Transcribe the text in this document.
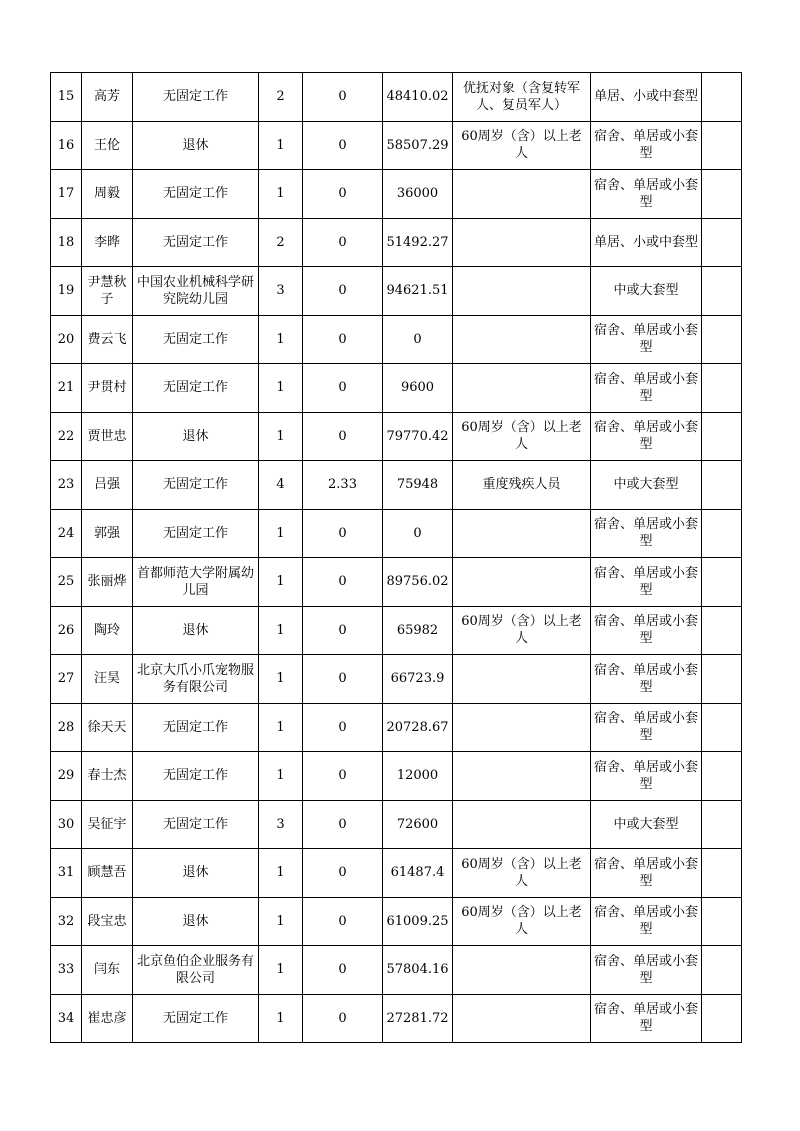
15	高芳	无固定工作	2	0	48410.02	优抚对象（含复转军人、复员军人）	单居、小或中套型	
16	王伦	退休	1	0	58507.29	60周岁（含）以上老人	宿舍、单居或小套型	
17	周毅	无固定工作	1	0	36000		宿舍、单居或小套型	
18	李晔	无固定工作	2	0	51492.27		单居、小或中套型	
19	尹慧秋子	中国农业机械科学研究院幼儿园	3	0	94621.51		中或大套型	
20	费云飞	无固定工作	1	0	0		宿舍、单居或小套型	
21	尹贯村	无固定工作	1	0	9600		宿舍、单居或小套型	
22	贾世忠	退休	1	0	79770.42	60周岁（含）以上老人	宿舍、单居或小套型	
23	吕强	无固定工作	4	2.33	75948	重度残疾人员	中或大套型	
24	郭强	无固定工作	1	0	0		宿舍、单居或小套型	
25	张丽烨	首都师范大学附属幼儿园	1	0	89756.02		宿舍、单居或小套型	
26	陶玲	退休	1	0	65982	60周岁（含）以上老人	宿舍、单居或小套型	
27	汪昊	北京大爪小爪宠物服务有限公司	1	0	66723.9		宿舍、单居或小套型	
28	徐天天	无固定工作	1	0	20728.67		宿舍、单居或小套型	
29	春士杰	无固定工作	1	0	12000		宿舍、单居或小套型	
30	吴征宇	无固定工作	3	0	72600		中或大套型	
31	顾慧吾	退休	1	0	61487.4	60周岁（含）以上老人	宿舍、单居或小套型	
32	段宝忠	退休	1	0	61009.25	60周岁（含）以上老人	宿舍、单居或小套型	
33	闫东	北京鱼伯企业服务有限公司	1	0	57804.16		宿舍、单居或小套型	
34	崔忠彦	无固定工作	1	0	27281.72		宿舍、单居或小套型	
